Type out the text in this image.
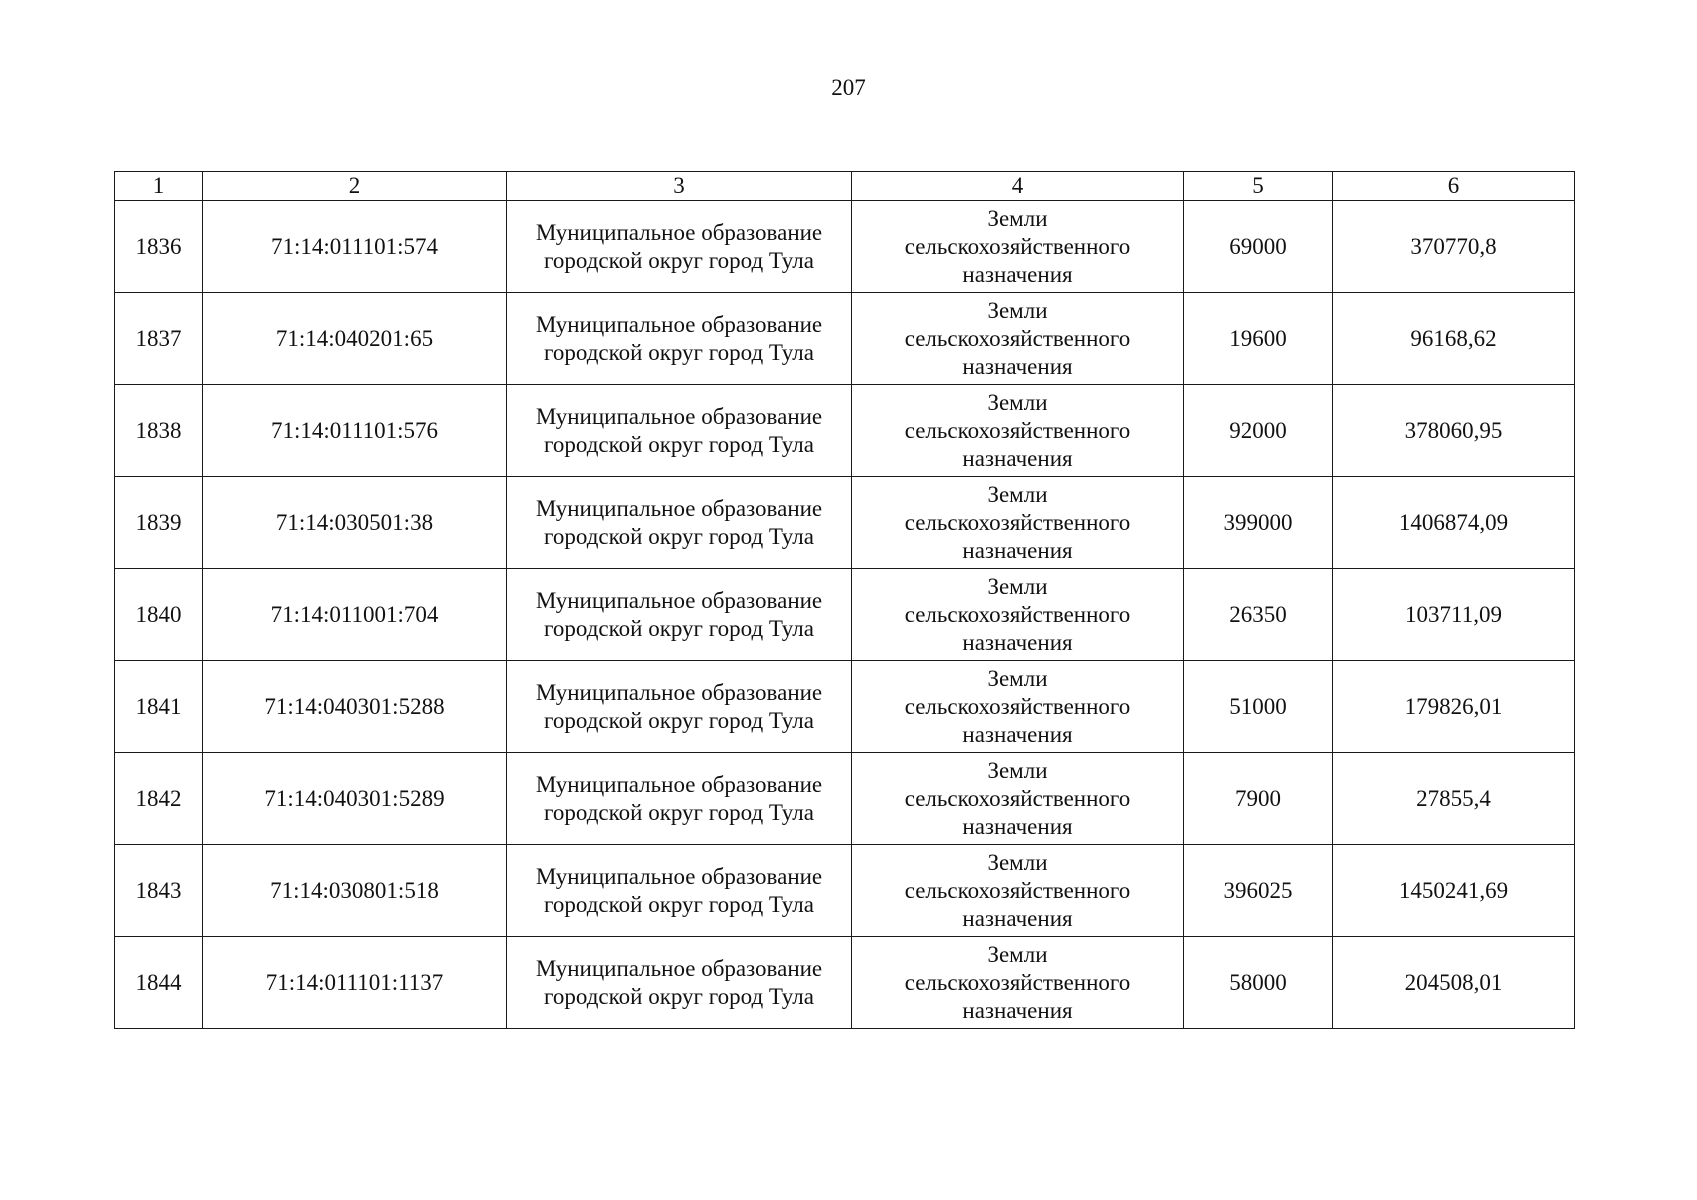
207
1	2	3	4	5	6
1836	71:14:011101:574	Муниципальное образование
городской округ город Тула	Земли
сельскохозяйственного
назначения	69000	370770,8
1837	71:14:040201:65	Муниципальное образование
городской округ город Тула	Земли
сельскохозяйственного
назначения	19600	96168,62
1838	71:14:011101:576	Муниципальное образование
городской округ город Тула	Земли
сельскохозяйственного
назначения	92000	378060,95
1839	71:14:030501:38	Муниципальное образование
городской округ город Тула	Земли
сельскохозяйственного
назначения	399000	1406874,09
1840	71:14:011001:704	Муниципальное образование
городской округ город Тула	Земли
сельскохозяйственного
назначения	26350	103711,09
1841	71:14:040301:5288	Муниципальное образование
городской округ город Тула	Земли
сельскохозяйственного
назначения	51000	179826,01
1842	71:14:040301:5289	Муниципальное образование
городской округ город Тула	Земли
сельскохозяйственного
назначения	7900	27855,4
1843	71:14:030801:518	Муниципальное образование
городской округ город Тула	Земли
сельскохозяйственного
назначения	396025	1450241,69
1844	71:14:011101:1137	Муниципальное образование
городской округ город Тула	Земли
сельскохозяйственного
назначения	58000	204508,01
